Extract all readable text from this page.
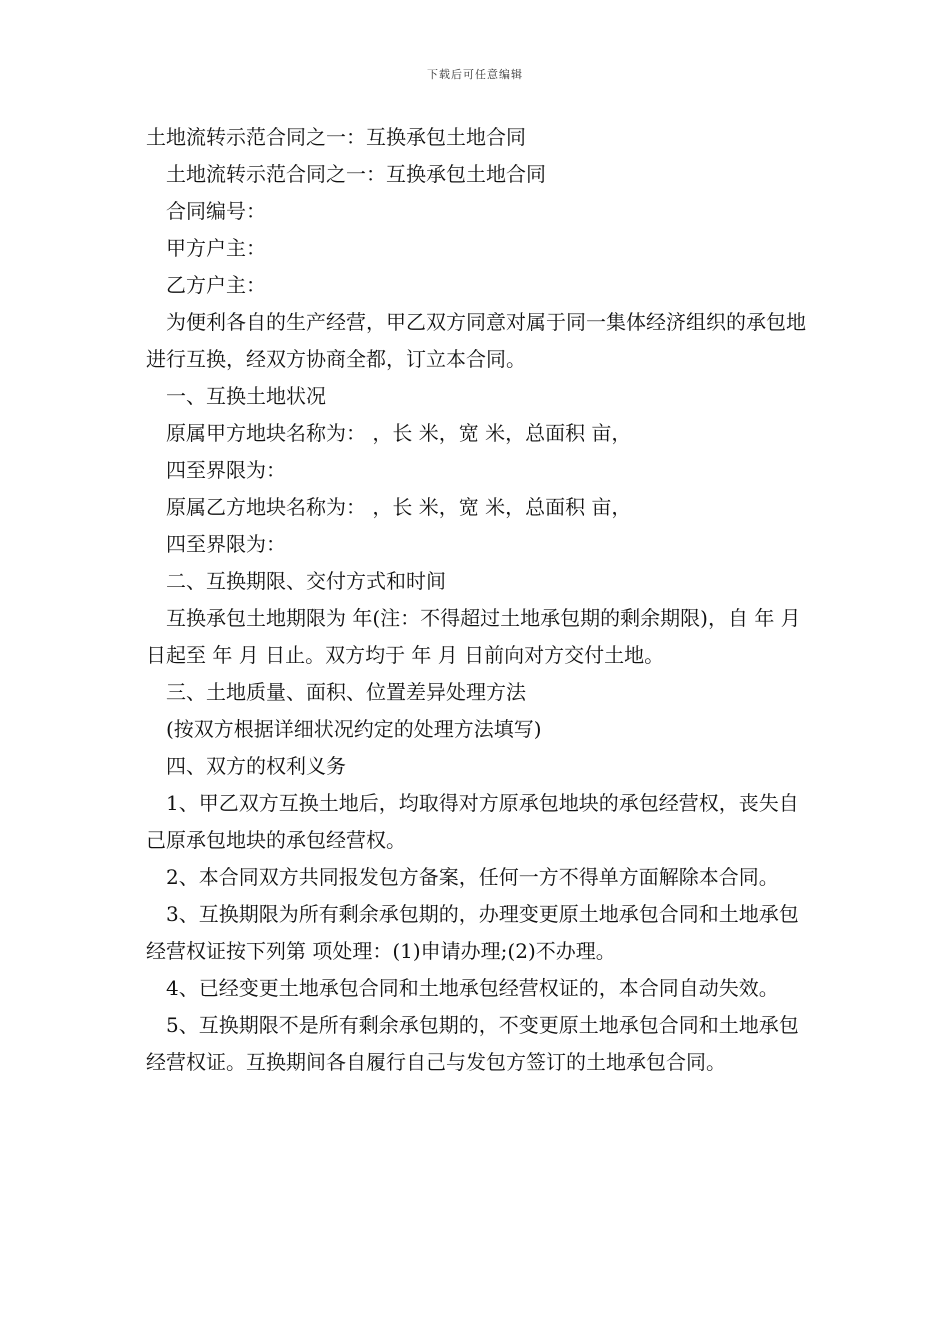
下载后可任意编辑
土地流转示范合同之一：互换承包土地合同
土地流转示范合同之一：互换承包土地合同
合同编号：
甲方户主：
乙方户主：
为便利各自的生产经营，甲乙双方同意对属于同一集体经济组织的承包地进行互换，经双方协商全都，订立本合同。
一、互换土地状况
原属甲方地块名称为： ，长 米，宽 米，总面积 亩，
四至界限为：
原属乙方地块名称为： ，长 米，宽 米，总面积 亩，
四至界限为：
二、互换期限、交付方式和时间
互换承包土地期限为 年(注：不得超过土地承包期的剩余期限)，自 年 月 日起至 年 月 日止。双方均于 年 月 日前向对方交付土地。
三、土地质量、面积、位置差异处理方法
(按双方根据详细状况约定的处理方法填写)
四、双方的权利义务
1、甲乙双方互换土地后，均取得对方原承包地块的承包经营权，丧失自己原承包地块的承包经营权。
2、本合同双方共同报发包方备案，任何一方不得单方面解除本合同。
3、互换期限为所有剩余承包期的，办理变更原土地承包合同和土地承包经营权证按下列第 项处理：(1)申请办理;(2)不办理。
4、已经变更土地承包合同和土地承包经营权证的，本合同自动失效。
5、互换期限不是所有剩余承包期的，不变更原土地承包合同和土地承包经营权证。互换期间各自履行自己与发包方签订的土地承包合同。
